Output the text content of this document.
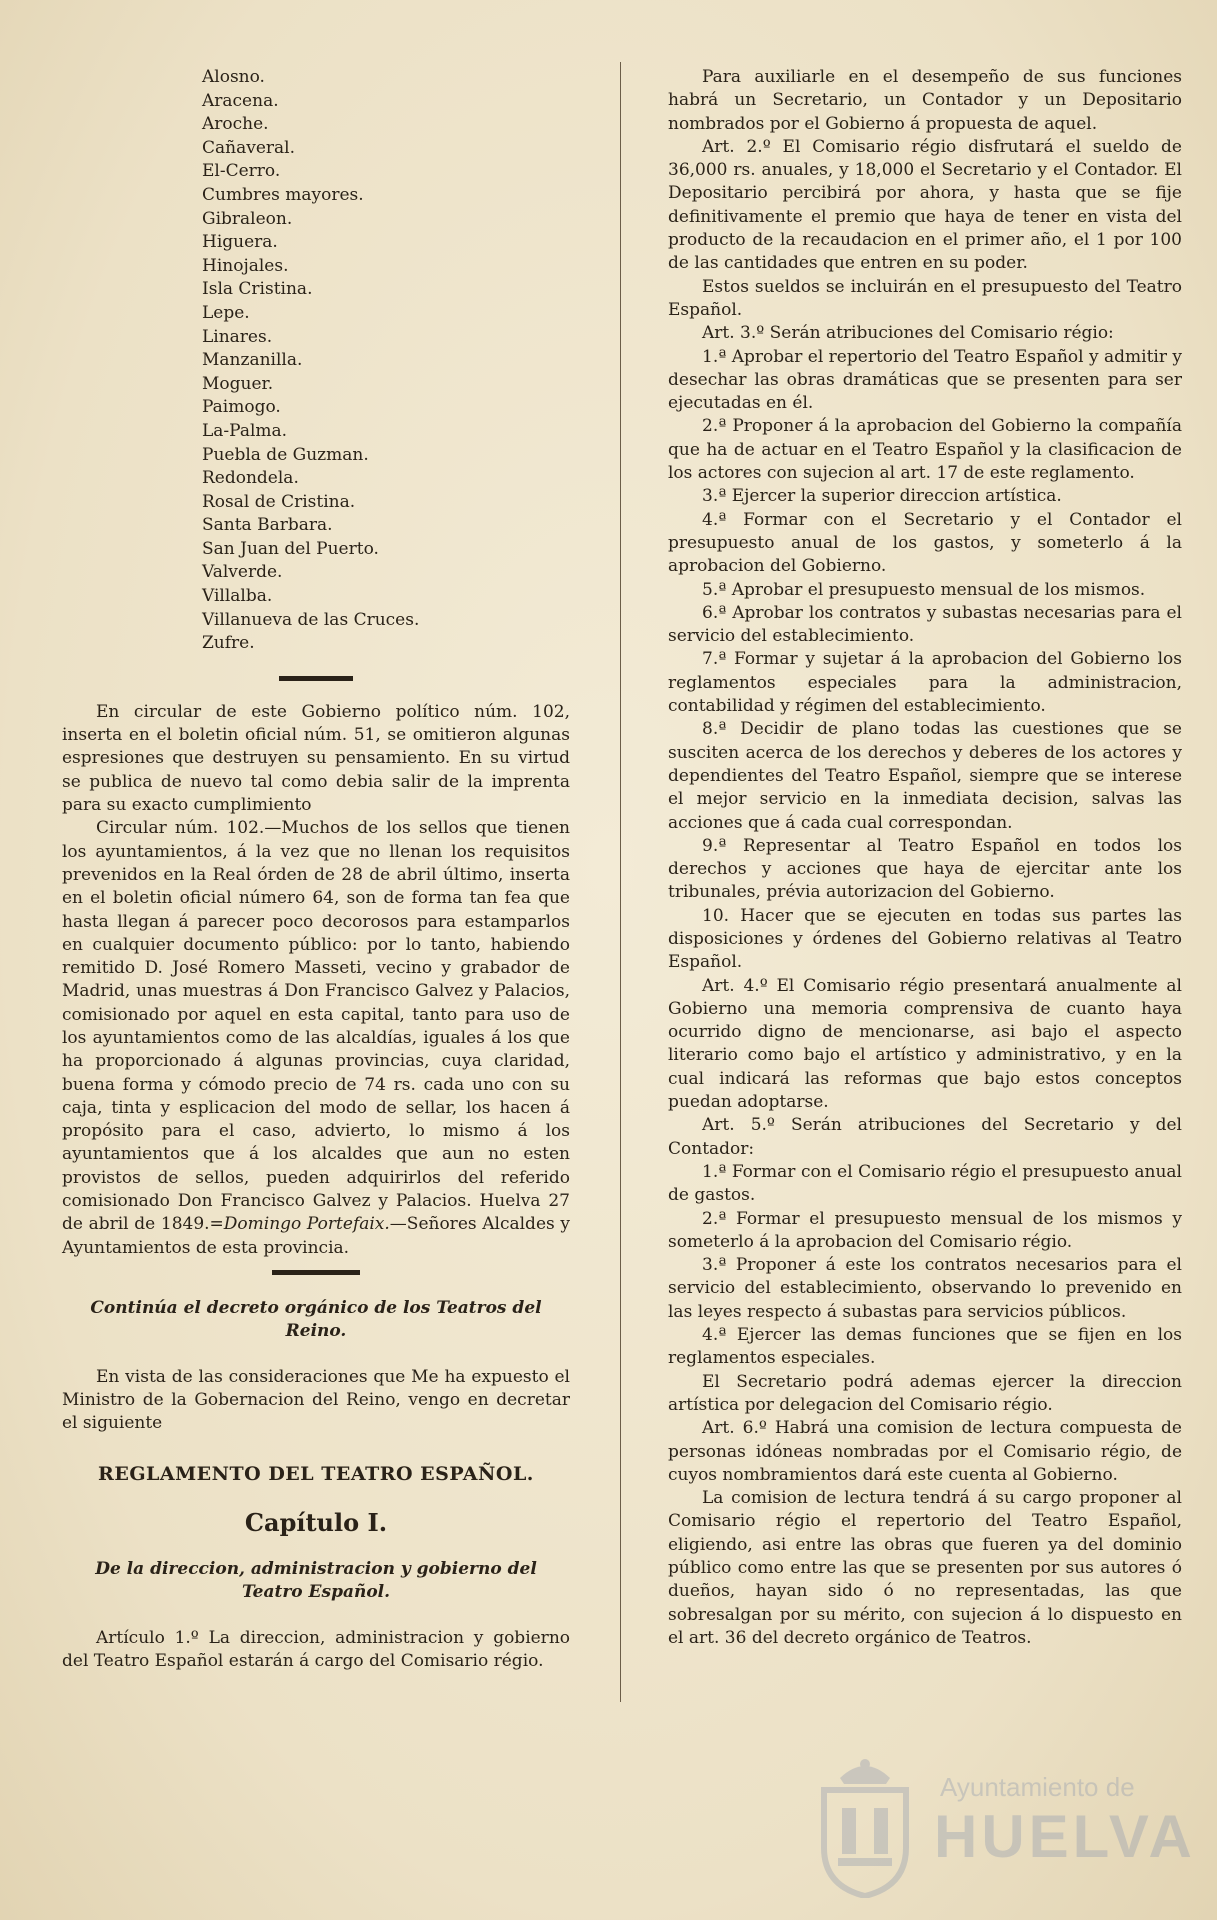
Alosno.
Aracena.
Aroche.
Cañaveral.
El-Cerro.
Cumbres mayores.
Gibraleon.
Higuera.
Hinojales.
Isla Cristina.
Lepe.
Linares.
Manzanilla.
Moguer.
Paimogo.
La-Palma.
Puebla de Guzman.
Redondela.
Rosal de Cristina.
Santa Barbara.
San Juan del Puerto.
Valverde.
Villalba.
Villanueva de las Cruces.
Zufre.

En circular de este Gobierno político núm. 102, inserta en el boletin oficial núm. 51, se omitieron algunas espresiones que destruyen su pensamiento. En su virtud se publica de nuevo tal como debia salir de la imprenta para su exacto cumplimiento

Circular núm. 102.—Muchos de los sellos que tienen los ayuntamientos, á la vez que no llenan los requisitos prevenidos en la Real órden de 28 de abril último, inserta en el boletin oficial número 64, son de forma tan fea que hasta llegan á parecer poco decorosos para estamparlos en cualquier documento público: por lo tanto, habiendo remitido D. José Romero Masseti, vecino y grabador de Madrid, unas muestras á Don Francisco Galvez y Palacios, comisionado por aquel en esta capital, tanto para uso de los ayuntamientos como de las alcaldías, iguales á los que ha proporcionado á algunas provincias, cuya claridad, buena forma y cómodo precio de 74 rs. cada uno con su caja, tinta y esplicacion del modo de sellar, los hacen á propósito para el caso, advierto, lo mismo á los ayuntamientos que á los alcaldes que aun no esten provistos de sellos, pueden adquirirlos del referido comisionado Don Francisco Galvez y Palacios. Huelva 27 de abril de 1849.=Domingo Portefaix.—Señores Alcaldes y Ayuntamientos de esta provincia.

Continúa el decreto orgánico de los Teatros del Reino.

En vista de las consideraciones que Me ha expuesto el Ministro de la Gobernacion del Reino, vengo en decretar el siguiente

REGLAMENTO DEL TEATRO ESPAÑOL.

Capítulo I.

De la direccion, administracion y gobierno del Teatro Español.

Artículo 1.º La direccion, administracion y gobierno del Teatro Español estarán á cargo del Comisario régio.

Para auxiliarle en el desempeño de sus funciones habrá un Secretario, un Contador y un Depositario nombrados por el Gobierno á propuesta de aquel.

Art. 2.º El Comisario régio disfrutará el sueldo de 36,000 rs. anuales, y 18,000 el Secretario y el Contador. El Depositario percibirá por ahora, y hasta que se fije definitivamente el premio que haya de tener en vista del producto de la recaudacion en el primer año, el 1 por 100 de las cantidades que entren en su poder.

Estos sueldos se incluirán en el presupuesto del Teatro Español.

Art. 3.º Serán atribuciones del Comisario régio:

1.ª Aprobar el repertorio del Teatro Español y admitir y desechar las obras dramáticas que se presenten para ser ejecutadas en él.

2.ª Proponer á la aprobacion del Gobierno la compañía que ha de actuar en el Teatro Español y la clasificacion de los actores con sujecion al art. 17 de este reglamento.

3.ª Ejercer la superior direccion artística.

4.ª Formar con el Secretario y el Contador el presupuesto anual de los gastos, y someterlo á la aprobacion del Gobierno.

5.ª Aprobar el presupuesto mensual de los mismos.

6.ª Aprobar los contratos y subastas necesarias para el servicio del establecimiento.

7.ª Formar y sujetar á la aprobacion del Gobierno los reglamentos especiales para la administracion, contabilidad y régimen del establecimiento.

8.ª Decidir de plano todas las cuestiones que se susciten acerca de los derechos y deberes de los actores y dependientes del Teatro Español, siempre que se interese el mejor servicio en la inmediata decision, salvas las acciones que á cada cual correspondan.

9.ª Representar al Teatro Español en todos los derechos y acciones que haya de ejercitar ante los tribunales, prévia autorizacion del Gobierno.

10. Hacer que se ejecuten en todas sus partes las disposiciones y órdenes del Gobierno relativas al Teatro Español.

Art. 4.º El Comisario régio presentará anualmente al Gobierno una memoria comprensiva de cuanto haya ocurrido digno de mencionarse, asi bajo el aspecto literario como bajo el artístico y administrativo, y en la cual indicará las reformas que bajo estos conceptos puedan adoptarse.

Art. 5.º Serán atribuciones del Secretario y del Contador:

1.ª Formar con el Comisario régio el presupuesto anual de gastos.

2.ª Formar el presupuesto mensual de los mismos y someterlo á la aprobacion del Comisario régio.

3.ª Proponer á este los contratos necesarios para el servicio del establecimiento, observando lo prevenido en las leyes respecto á subastas para servicios públicos.

4.ª Ejercer las demas funciones que se fijen en los reglamentos especiales.

El Secretario podrá ademas ejercer la direccion artística por delegacion del Comisario régio.

Art. 6.º Habrá una comision de lectura compuesta de personas idóneas nombradas por el Comisario régio, de cuyos nombramientos dará este cuenta al Gobierno.

La comision de lectura tendrá á su cargo proponer al Comisario régio el repertorio del Teatro Español, eligiendo, asi entre las obras que fueren ya del dominio público como entre las que se presenten por sus autores ó dueños, hayan sido ó no representadas, las que sobresalgan por su mérito, con sujecion á lo dispuesto en el art. 36 del decreto orgánico de Teatros.

Ayuntamiento de
HUELVA
